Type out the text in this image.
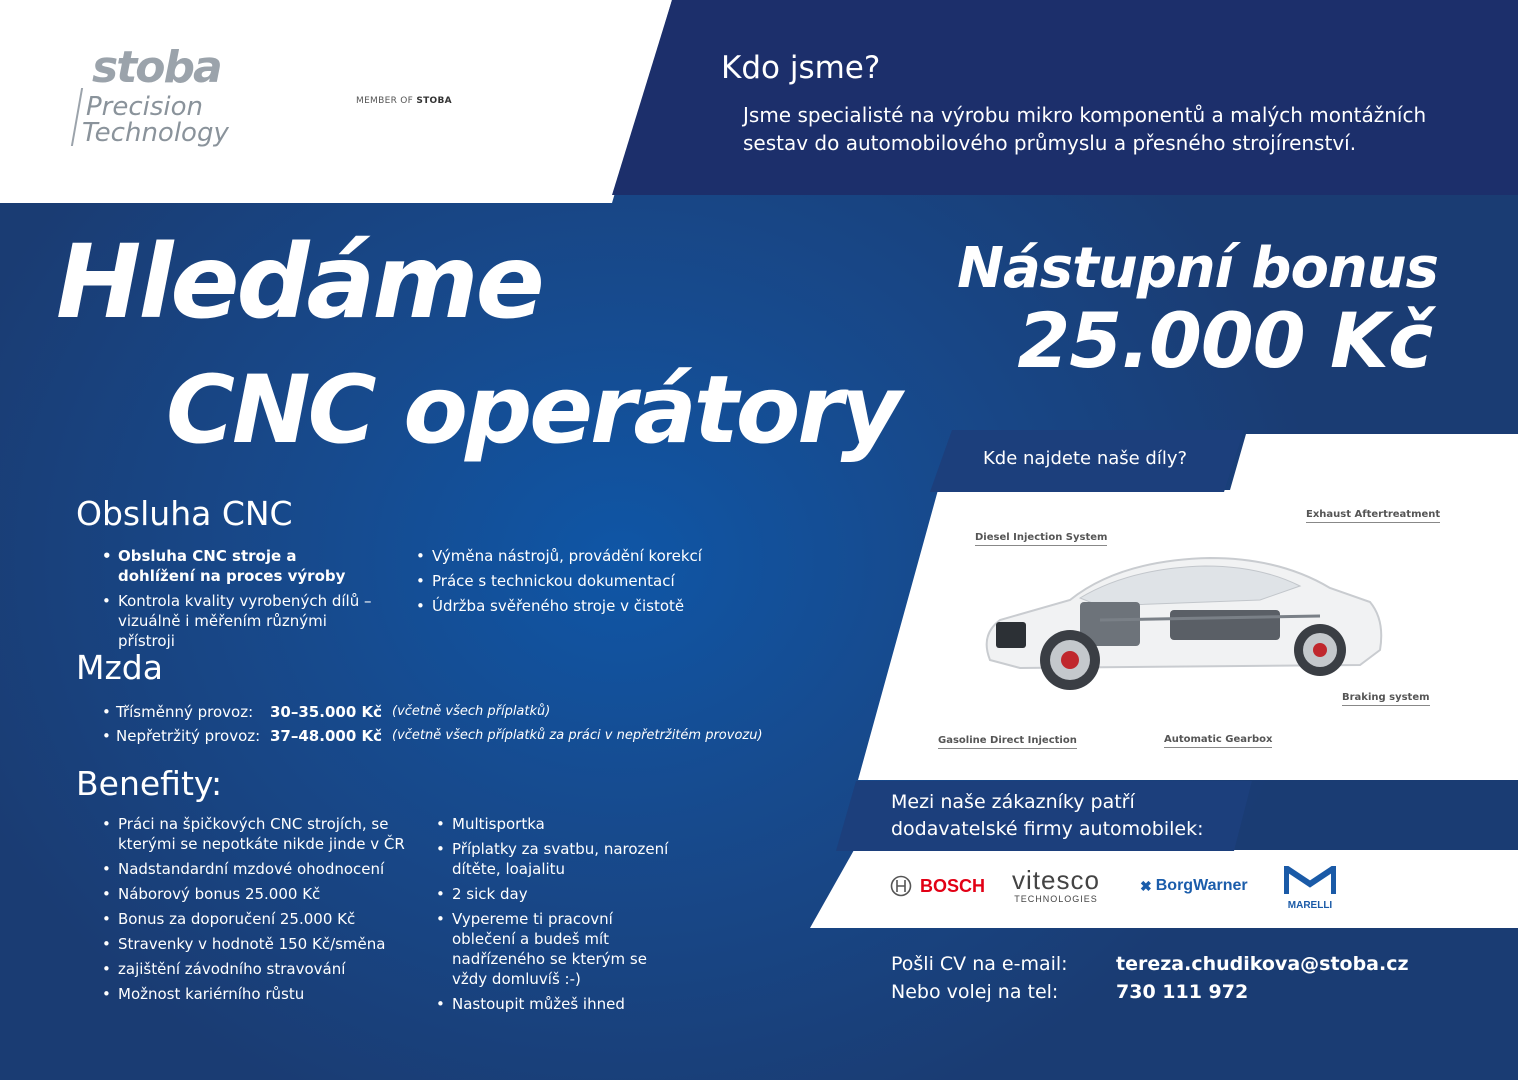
stoba
Precision
Technology
MEMBER OF STOBA
Kdo jsme?
Jsme specialisté na výrobu mikro komponentů a malých montážních sestav do automobilového průmyslu a přesného strojírenství.
Hledáme
CNC operátory
Nástupní bonus
25.000 Kč
Obsluha CNC
• Obsluha CNC stroje a dohlížení na proces výroby
• Kontrola kvality vyrobených dílů – vizuálně i měřením různými přístroji
• Výměna nástrojů, provádění korekcí
• Práce s technickou dokumentací
• Údržba svěřeného stroje v čistotě
Mzda
• Třísměnný provoz: 30–35.000 Kč (včetně všech příplatků)
• Nepřetržitý provoz: 37–48.000 Kč (včetně všech příplatků za práci v nepřetržitém provozu)
Benefity:
• Práci na špičkových CNC strojích, se kterými se nepotkáte nikde jinde v ČR
• Nadstandardní mzdové ohodnocení
• Náborový bonus 25.000 Kč
• Bonus za doporučení 25.000 Kč
• Stravenky v hodnotě 150 Kč/směna
• zajištění závodního stravování
• Možnost kariérního růstu
• Multisportka
• Příplatky za svatbu, narození dítěte, loajalitu
• 2 sick day
• Vypereme ti pracovní oblečení a budeš mít nadřízeného se kterým se vždy domluvíš :-)
• Nastoupit můžeš ihned
Kde najdete naše díly?
Diesel Injection System
Exhaust Aftertreatment
Braking system
Gasoline Direct Injection	Automatic Gearbox
Mezi naše zákazníky patří
dodavatelské firmy automobilek:
BOSCH vitesco
TECHNOLOGIES
✖ BorgWarner
MARELLI
Pošli CV na e-mail:
Nebo volej na tel:
tereza.chudikova@stoba.cz
730 111 972
